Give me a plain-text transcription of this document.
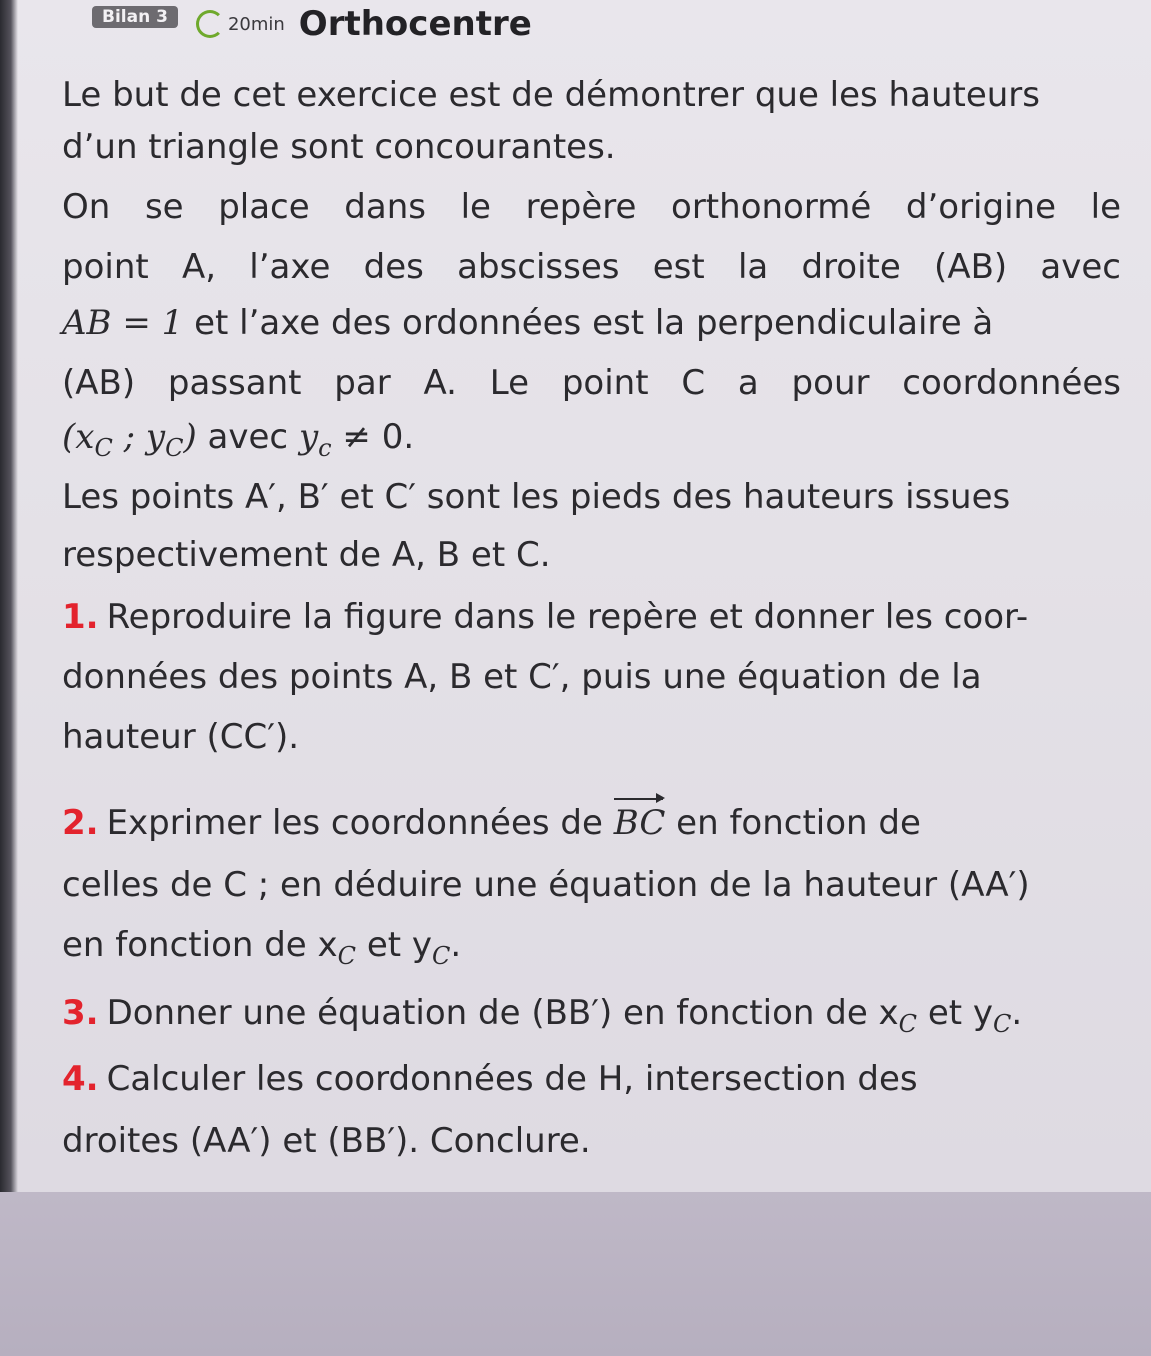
Bilan 3	20min Orthocentre
Le but de cet exercice est de démontrer que les hauteurs
d’un triangle sont concourantes.
On se place dans le repère orthonormé d’origine le
point A, l’axe des abscisses est la droite (AB) avec
AB = 1 et l’axe des ordonnées est la perpendiculaire à
(AB) passant par A. Le point C a pour coordonnées
($x_C$ ; $y_C$) avec $y_c \ne 0$.
Les points A′, B′ et C′ sont les pieds des hauteurs issues
respectivement de A, B et C.
1. Reproduire la figure dans le repère et donner les coor-
données des points A, B et C′, puis une équation de la
hauteur (CC′).
2. Exprimer les coordonnées de BC en fonction de
celles de C ; en déduire une équation de la hauteur (AA′)
en fonction de $x_C$ et $y_C$.
3. Donner une équation de (BB′) en fonction de $x_C$ et $y_C$.
4. Calculer les coordonnées de H, intersection des
droites (AA′) et (BB′). Conclure.
